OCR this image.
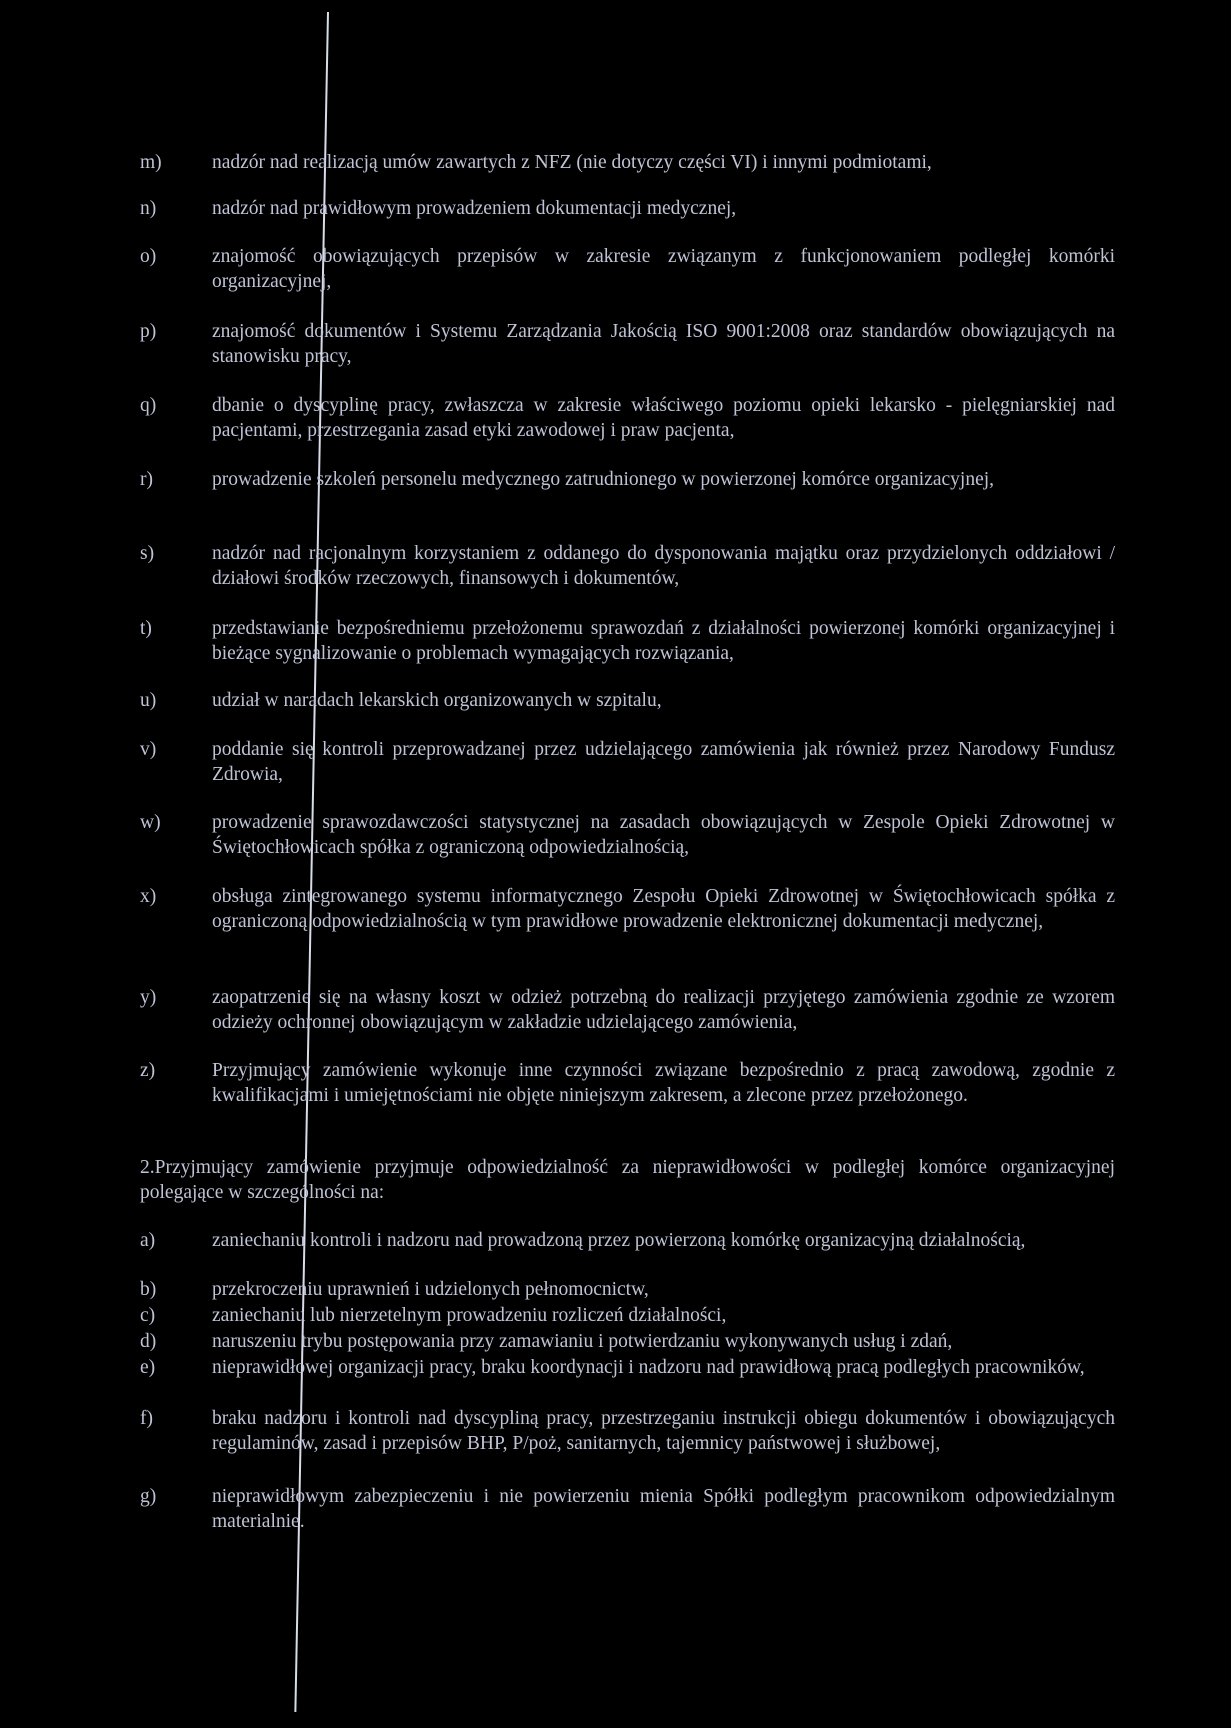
m)	nadzór nad realizacją umów zawartych z NFZ (nie dotyczy części VI) i innymi podmiotami,
n)	nadzór nad prawidłowym prowadzeniem dokumentacji medycznej,
o)	znajomość obowiązujących przepisów w zakresie związanym z funkcjonowaniem podległej komórki organizacyjnej,
p)	znajomość dokumentów i Systemu Zarządzania Jakością ISO 9001:2008 oraz standardów obowiązujących na stanowisku pracy,
q)	dbanie o dyscyplinę pracy, zwłaszcza w zakresie właściwego poziomu opieki lekarsko - pielęgniarskiej nad pacjentami, przestrzegania zasad etyki zawodowej i praw pacjenta,
r)	prowadzenie szkoleń personelu medycznego zatrudnionego w powierzonej komórce organizacyjnej,
s)	nadzór nad racjonalnym korzystaniem z oddanego do dysponowania majątku oraz przydzielonych oddziałowi / działowi środków rzeczowych, finansowych i dokumentów,
t)	przedstawianie bezpośredniemu przełożonemu sprawozdań z działalności powierzonej komórki organizacyjnej i bieżące sygnalizowanie o problemach wymagających rozwiązania,
u)	udział w naradach lekarskich organizowanych w szpitalu,
v)	poddanie się kontroli przeprowadzanej przez udzielającego zamówienia jak również przez Narodowy Fundusz Zdrowia,
w)	prowadzenie sprawozdawczości statystycznej na zasadach obowiązujących w Zespole Opieki Zdrowotnej w Świętochłowicach spółka z ograniczoną odpowiedzialnością,
x)	obsługa zintegrowanego systemu informatycznego Zespołu Opieki Zdrowotnej w Świętochłowicach spółka z ograniczoną odpowiedzialnością w tym prawidłowe prowadzenie elektronicznej dokumentacji medycznej,
y)	zaopatrzenie się na własny koszt w odzież potrzebną do realizacji przyjętego zamówienia zgodnie ze wzorem odzieży ochronnej obowiązującym w zakładzie udzielającego zamówienia,
z)	Przyjmujący zamówienie wykonuje inne czynności związane bezpośrednio z pracą zawodową, zgodnie z kwalifikacjami i umiejętnościami nie objęte niniejszym zakresem, a zlecone przez przełożonego.
2.Przyjmujący zamówienie przyjmuje odpowiedzialność za nieprawidłowości w podległej komórce organizacyjnej polegające w szczególności na:
a)	zaniechaniu kontroli i nadzoru nad prowadzoną przez powierzoną komórkę organizacyjną działalnością,
b)	przekroczeniu uprawnień i udzielonych pełnomocnictw,
c)	zaniechaniu lub nierzetelnym prowadzeniu rozliczeń działalności,
d)	naruszeniu trybu postępowania przy zamawianiu i potwierdzaniu wykonywanych usług i zdań,
e)	nieprawidłowej organizacji pracy, braku koordynacji i nadzoru nad prawidłową pracą podległych pracowników,
f)	braku nadzoru i kontroli nad dyscypliną pracy, przestrzeganiu instrukcji obiegu dokumentów i obowiązujących regulaminów, zasad i przepisów BHP, P/poż, sanitarnych, tajemnicy państwowej i służbowej,
g)	nieprawidłowym zabezpieczeniu i nie powierzeniu mienia Spółki podległym pracownikom odpowiedzialnym materialnie.
